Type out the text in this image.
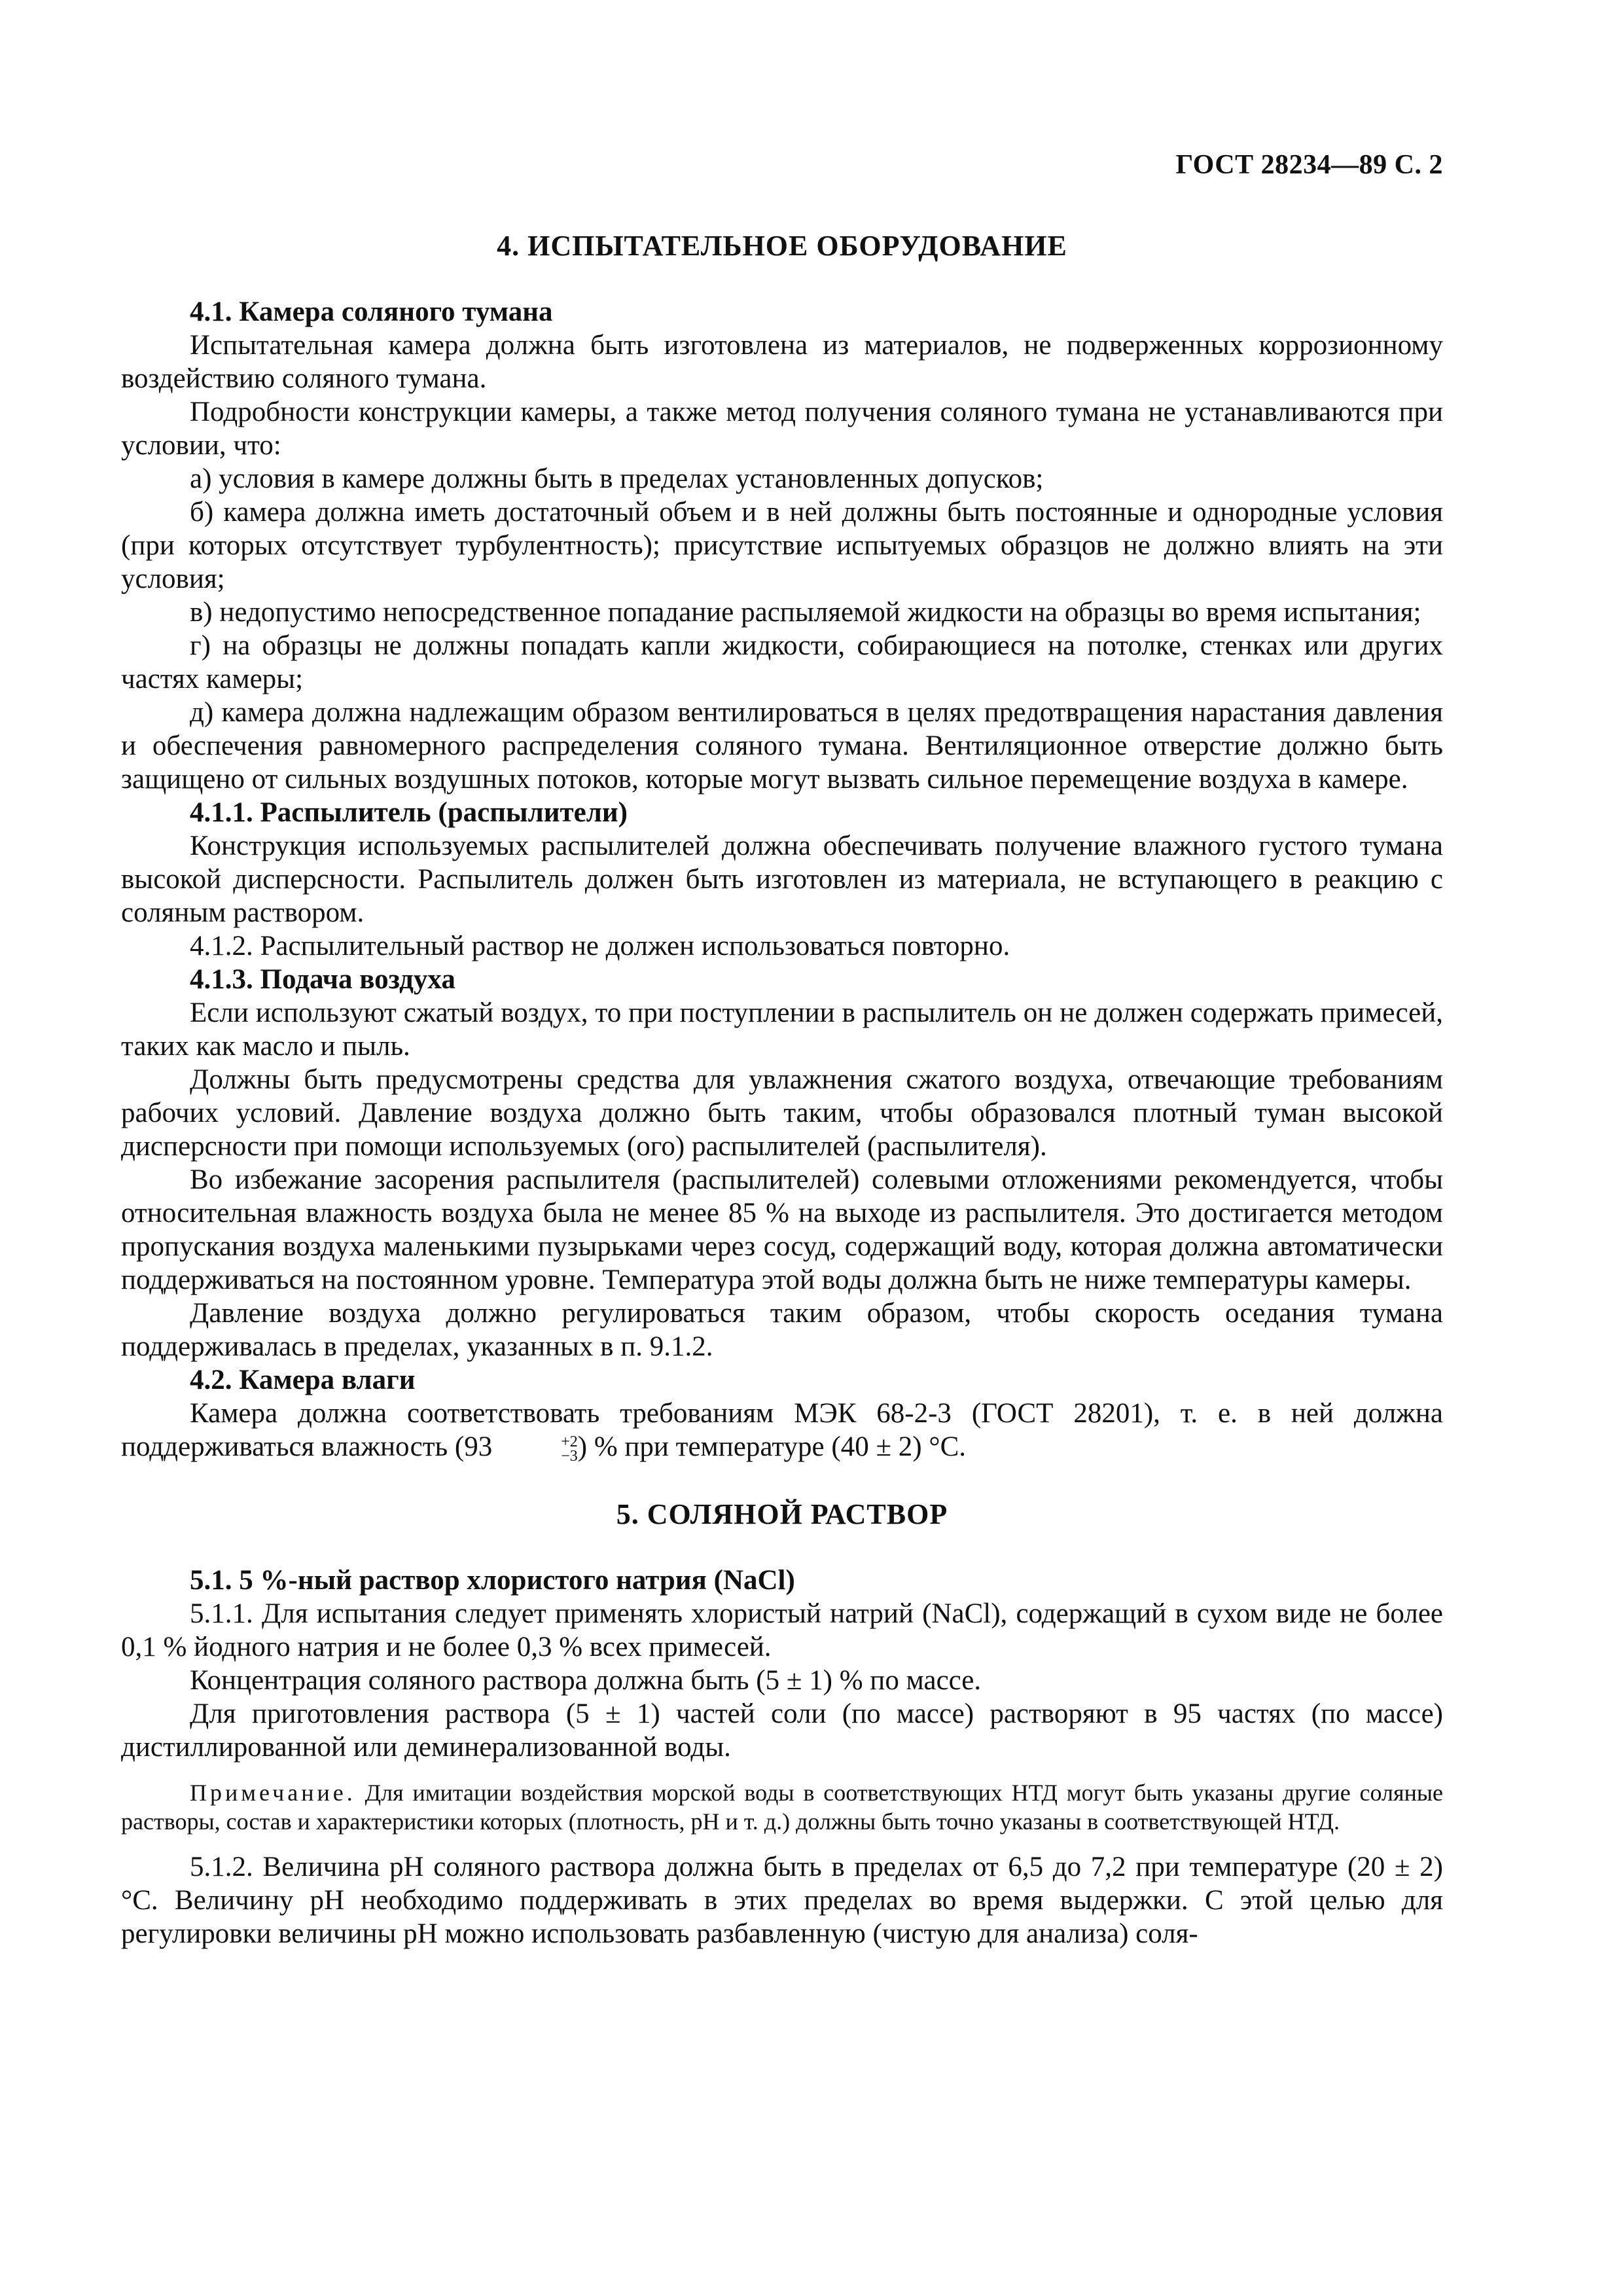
ГОСТ 28234—89 С. 2

4. ИСПЫТАТЕЛЬНОЕ ОБОРУДОВАНИЕ

4.1. Камера соляного тумана

Испытательная камера должна быть изготовлена из материалов, не подверженных коррозионному воздействию соляного тумана.

Подробности конструкции камеры, а также метод получения соляного тумана не устанавливаются при условии, что:

а) условия в камере должны быть в пределах установленных допусков;

б) камера должна иметь достаточный объем и в ней должны быть постоянные и однородные условия (при которых отсутствует турбулентность); присутствие испытуемых образцов не должно влиять на эти условия;

в) недопустимо непосредственное попадание распыляемой жидкости на образцы во время испытания;

г) на образцы не должны попадать капли жидкости, собирающиеся на потолке, стенках или других частях камеры;

д) камера должна надлежащим образом вентилироваться в целях предотвращения нарастания давления и обеспечения равномерного распределения соляного тумана. Вентиляционное отверстие должно быть защищено от сильных воздушных потоков, которые могут вызвать сильное перемещение воздуха в камере.

4.1.1. Распылитель (распылители)

Конструкция используемых распылителей должна обеспечивать получение влажного густого тумана высокой дисперсности. Распылитель должен быть изготовлен из материала, не вступающего в реакцию с соляным раствором.

4.1.2. Распылительный раствор не должен использоваться повторно.

4.1.3. Подача воздуха

Если используют сжатый воздух, то при поступлении в распылитель он не должен содержать примесей, таких как масло и пыль.

Должны быть предусмотрены средства для увлажнения сжатого воздуха, отвечающие требованиям рабочих условий. Давление воздуха должно быть таким, чтобы образовался плотный туман высокой дисперсности при помощи используемых (ого) распылителей (распылителя).

Во избежание засорения распылителя (распылителей) солевыми отложениями рекомендуется, чтобы относительная влажность воздуха была не менее 85 % на выходе из распылителя. Это достигается методом пропускания воздуха маленькими пузырьками через сосуд, содержащий воду, которая должна автоматически поддерживаться на постоянном уровне. Температура этой воды должна быть не ниже температуры камеры.

Давление воздуха должно регулироваться таким образом, чтобы скорость оседания тумана поддерживалась в пределах, указанных в п. 9.1.2.

4.2. Камера влаги

Камера должна соответствовать требованиям МЭК 68-2-3 (ГОСТ 28201), т. е. в ней должна поддерживаться влажность (93	+2
−3 ) % при температуре (40 ± 2) °С.

5. СОЛЯНОЙ РАСТВОР

5.1. 5 %-ный раствор хлористого натрия (NaCl)

5.1.1. Для испытания следует применять хлористый натрий (NaCl), содержащий в сухом виде не более 0,1 % йодного натрия и не более 0,3 % всех примесей.

Концентрация соляного раствора должна быть (5 ± 1) % по массе.

Для приготовления раствора (5 ± 1) частей соли (по массе) растворяют в 95 частях (по массе) дистиллированной или деминерализованной воды.

Примечание. Для имитации воздействия морской воды в соответствующих НТД могут быть указаны другие соляные растворы, состав и характеристики которых (плотность, pH и т. д.) должны быть точно указаны в соответствующей НТД.

5.1.2. Величина pH соляного раствора должна быть в пределах от 6,5 до 7,2 при температуре (20 ± 2) °С. Величину pH необходимо поддерживать в этих пределах во время выдержки. С этой целью для регулировки величины pH можно использовать разбавленную (чистую для анализа) соля-
